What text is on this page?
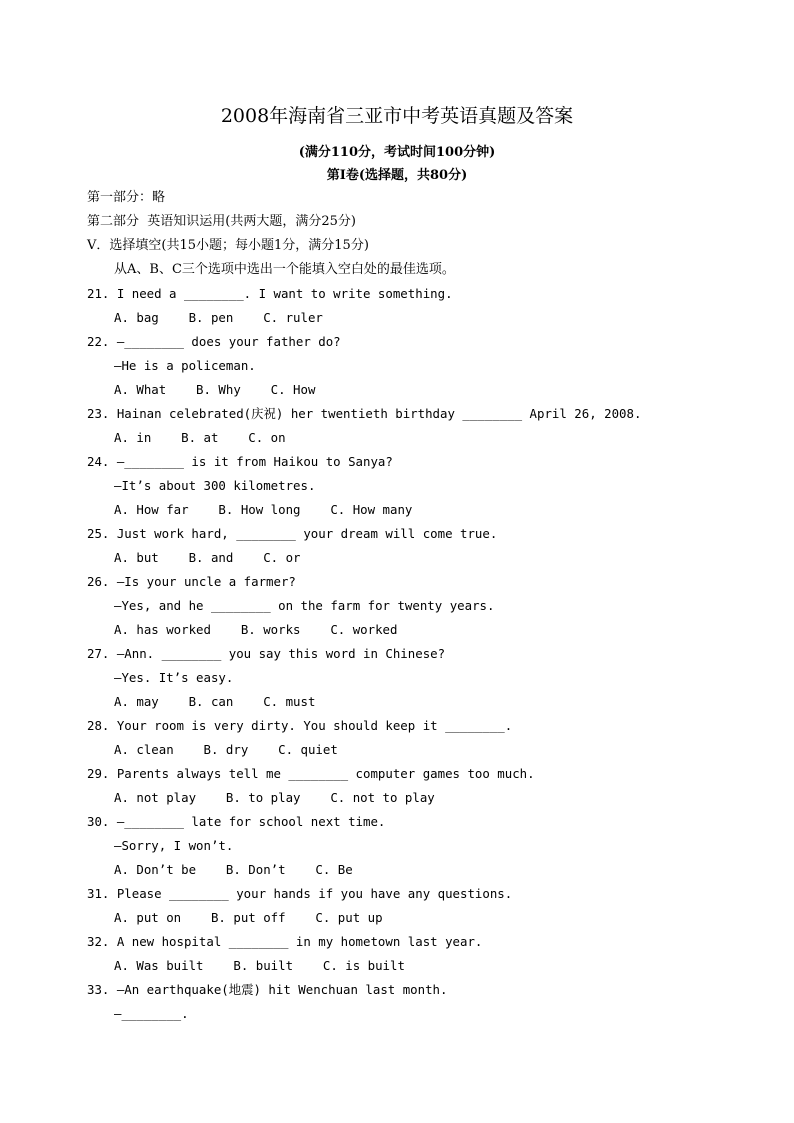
2008年海南省三亚市中考英语真题及答案
(满分110分，考试时间100分钟)
第I卷(选择题，共80分)
第一部分：略
第二部分  英语知识运用(共两大题，满分25分)
Ⅴ．选择填空(共15小题；每小题1分，满分15分)
从A、B、C三个选项中选出一个能填入空白处的最佳选项。
21. I need a ________. I want to write something.
A. bag    B. pen    C. ruler
22. —________ does your father do?
—He is a policeman.
A. What    B. Why    C. How
23. Hainan celebrated(庆祝) her twentieth birthday ________ April 26, 2008.
A. in    B. at    C. on
24. —________ is it from Haikou to Sanya?
—It’s about 300 kilometres.
A. How far    B. How long    C. How many
25. Just work hard, ________ your dream will come true.
A. but    B. and    C. or
26. —Is your uncle a farmer?
—Yes, and he ________ on the farm for twenty years.
A. has worked    B. works    C. worked
27. —Ann. ________ you say this word in Chinese?
—Yes. It’s easy.
A. may    B. can    C. must
28. Your room is very dirty. You should keep it ________.
A. clean    B. dry    C. quiet
29. Parents always tell me ________ computer games too much.
A. not play    B. to play    C. not to play
30. —________ late for school next time.
—Sorry, I won’t.
A. Don’t be    B. Don’t    C. Be
31. Please ________ your hands if you have any questions.
A. put on    B. put off    C. put up
32. A new hospital ________ in my hometown last year.
A. Was built    B. built    C. is built
33. —An earthquake(地震) hit Wenchuan last month.
—________.
